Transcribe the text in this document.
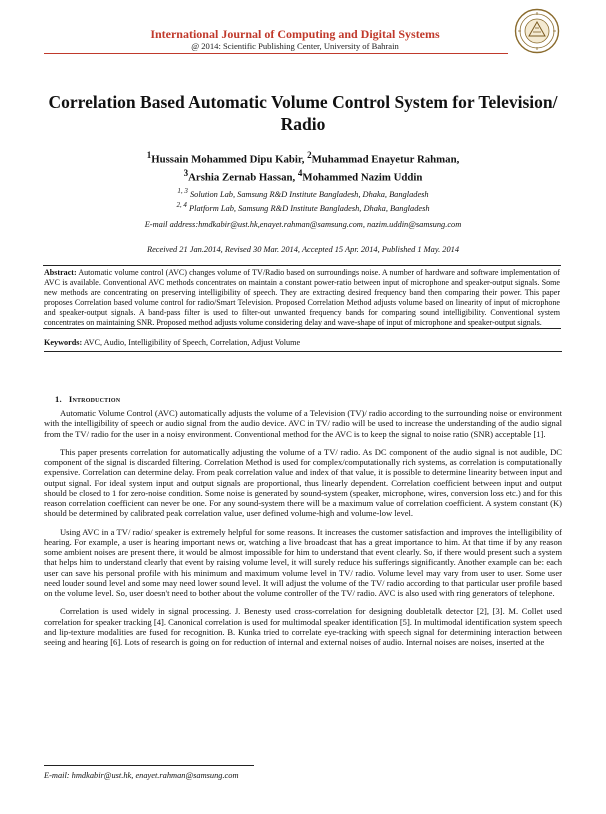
International Journal of Computing and Digital Systems
@ 2014: Scientific Publishing Center, University of Bahrain
Correlation Based Automatic Volume Control System for Television/ Radio
$^1$Hussain Mohammed Dipu Kabir, $^2$Muhammad Enayetur Rahman,
$^3$Arshia Zernab Hassan, $^4$Mohammed Nazim Uddin
$^{1, 3}$ Solution Lab, Samsung R&D Institute Bangladesh, Dhaka, Bangladesh
$^{2, 4}$ Platform Lab, Samsung R&D Institute Bangladesh, Dhaka, Bangladesh
E-mail address:hmdkabir@ust.hk,enayet.rahman@samsung.com, nazim.uddin@samsung.com
Received 21 Jan.2014, Revised 30 Mar. 2014, Accepted 15 Apr. 2014, Published 1 May. 2014
Abstract: Automatic volume control (AVC) changes volume of TV/Radio based on surroundings noise. A number of hardware and software implementation of AVC is available. Conventional AVC methods concentrates on maintain a constant power-ratio between input of microphone and speaker-output signals. Some new methods are concentrating on preserving intelligibility of speech. They are extracting desired frequency band then comparing their power. This paper proposes Correlation based volume control for radio/Smart Television. Proposed Correlation Method adjusts volume based on linearity of input of microphone and speaker-output signals. A band-pass filter is used to filter-out unwanted frequency bands for comparing sound intelligibility. Conventional system concentrates on maintaining SNR. Proposed method adjusts volume considering delay and wave-shape of input of microphone and speaker-output signals.
Keywords: AVC, Audio, Intelligibility of Speech, Correlation, Adjust Volume
1. Introduction

Automatic Volume Control (AVC) automatically adjusts the volume of a Television (TV)/ radio according to the surrounding noise or environment with the intelligibility of speech or audio signal from the audio device. AVC in TV/ radio will be used to increase the understanding of the audio signal from the TV/ radio for the user in a noisy environment. Conventional method for the AVC is to keep the signal to noise ratio (SNR) acceptable [1].

This paper presents correlation for automatically adjusting the volume of a TV/ radio. As DC component of the audio signal is not audible, DC component of the signal is discarded filtering. Correlation Method is used for complex/computationally rich systems, as correlation is computationally expensive. Correlation can determine delay. From peak correlation value and index of that value, it is possible to determine linearity between input and output signal. For ideal system input and output signals are proportional, thus linearly dependent. Correlation coefficient between input and output should be closed to 1 for zero-noise condition. Some noise is generated by sound-system (speaker, microphone, wires, conversion loss etc.) and for this reason correlation coefficient can never be one. For any sound-system there will be a maximum value of correlation coefficient. A system constant (K) should be determined by calibrated peak correlation value, user defined volume-high and volume-low level.

Using AVC in a TV/ radio/ speaker is extremely helpful for some reasons. It increases the customer satisfaction and improves the intelligibility of hearing. For example, a user is hearing important news or, watching a live broadcast that has a great importance to him. At that time if by any reason some ambient noises are present there, it would be almost impossible for him to understand that event clearly. So, if there would present such a system that helps him to understand clearly that event by raising volume level, it will surely reduce his sufferings significantly. Another example can be: each user can save his personal profile with his minimum and maximum volume level in TV/ radio. Volume level may vary from user to user. Some user need louder sound level and some may need lower sound level. It will adjust the volume of the TV/ radio according to that particular user profile based on the volume level. So, user doesn't need to bother about the volume controller of the TV/ radio. AVC is also used with ring generators of telephone.

Correlation is used widely in signal processing. J. Benesty used cross-correlation for designing doubletalk detector [2], [3]. M. Collet used correlation for speaker tracking [4]. Canonical correlation is used for multimodal speaker identification [5]. In multimodal identification system speech and lip-texture modalities are fused for recognition. B. Kunka tried to correlate eye-tracking with speech signal for determining interaction between seeing and hearing [6]. Lots of research is going on for reduction of internal and external noises of audio. Internal noises are noises, inserted at the

E-mail: hmdkabir@ust.hk, enayet.rahman@samsung.com
